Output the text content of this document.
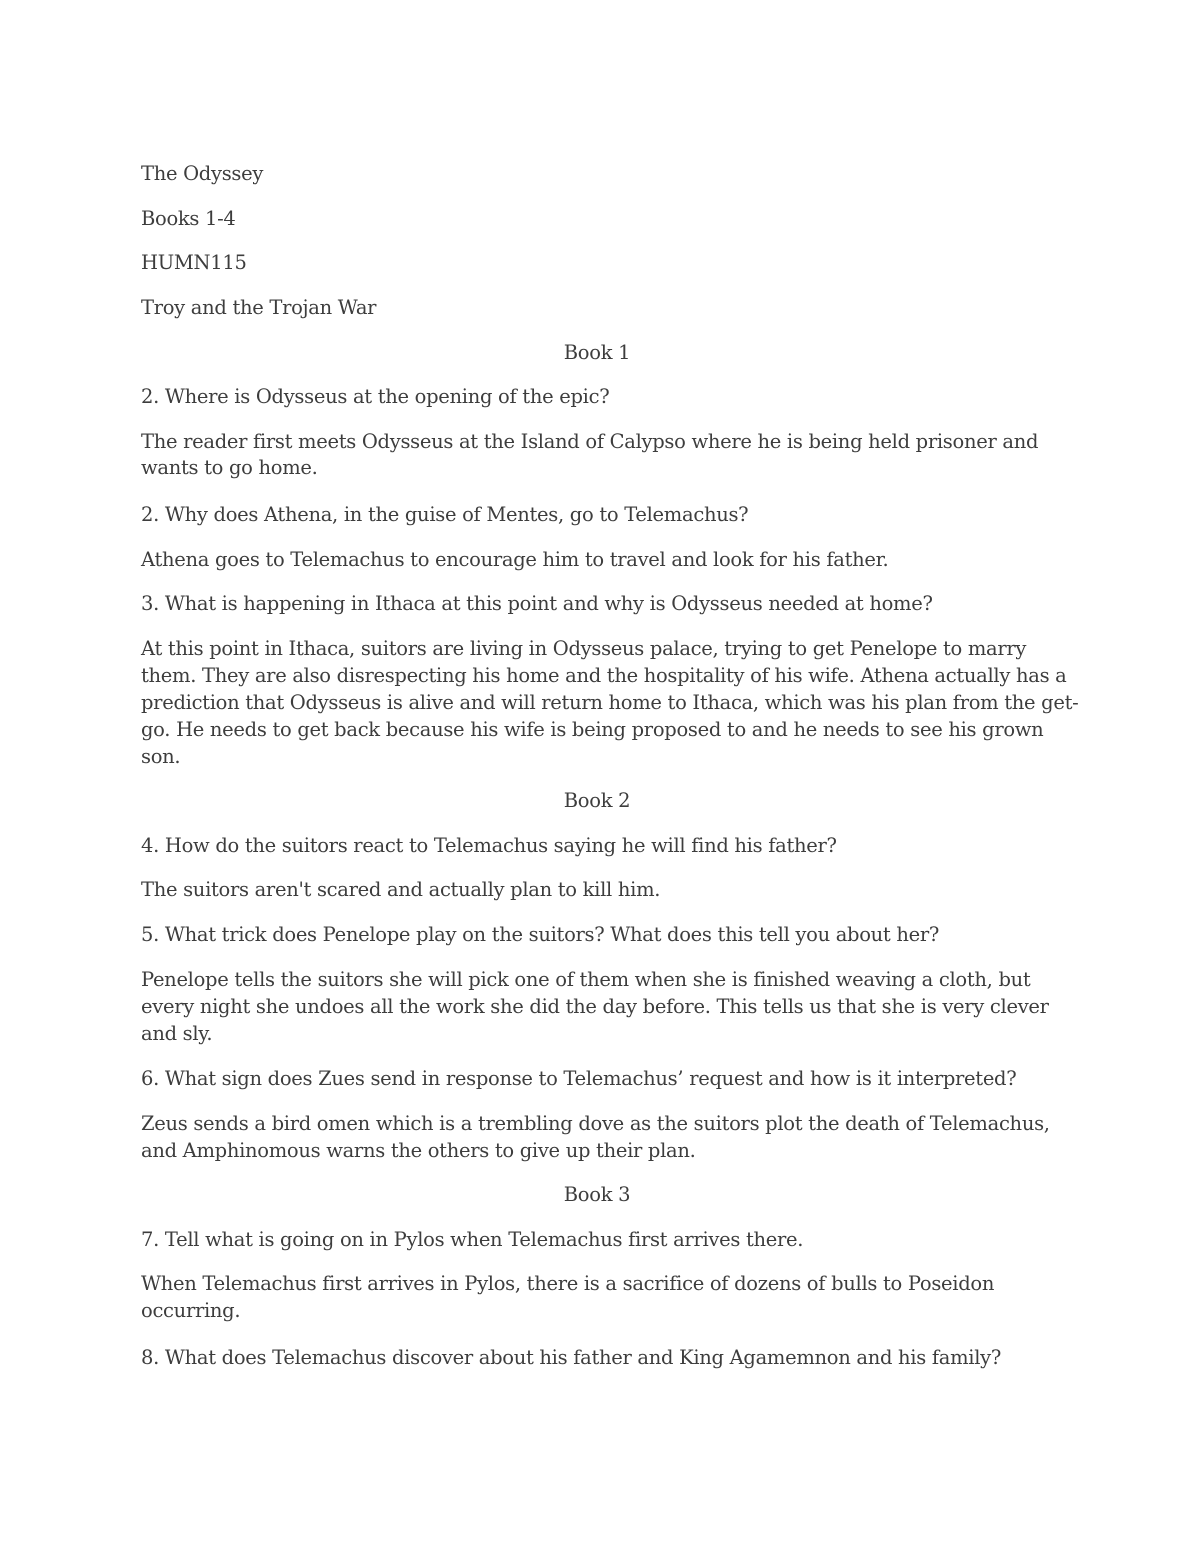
The Odyssey

Books 1-4

HUMN115

Troy and the Trojan War

Book 1

2. Where is Odysseus at the opening of the epic?

The reader first meets Odysseus at the Island of Calypso where he is being held prisoner and

wants to go home.

2. Why does Athena, in the guise of Mentes, go to Telemachus?

Athena goes to Telemachus to encourage him to travel and look for his father.

3. What is happening in Ithaca at this point and why is Odysseus needed at home?

At this point in Ithaca, suitors are living in Odysseus palace, trying to get Penelope to marry

them. They are also disrespecting his home and the hospitality of his wife. Athena actually has a

prediction that Odysseus is alive and will return home to Ithaca, which was his plan from the get-

go. He needs to get back because his wife is being proposed to and he needs to see his grown

son.

Book 2

4. How do the suitors react to Telemachus saying he will find his father?

The suitors aren't scared and actually plan to kill him.

5. What trick does Penelope play on the suitors? What does this tell you about her?

Penelope tells the suitors she will pick one of them when she is finished weaving a cloth, but

every night she undoes all the work she did the day before. This tells us that she is very clever

and sly.

6. What sign does Zues send in response to Telemachus’ request and how is it interpreted?

Zeus sends a bird omen which is a trembling dove as the suitors plot the death of Telemachus,

and Amphinomous warns the others to give up their plan.

Book 3

7. Tell what is going on in Pylos when Telemachus first arrives there.

When Telemachus first arrives in Pylos, there is a sacrifice of dozens of bulls to Poseidon

occurring.

8. What does Telemachus discover about his father and King Agamemnon and his family?
